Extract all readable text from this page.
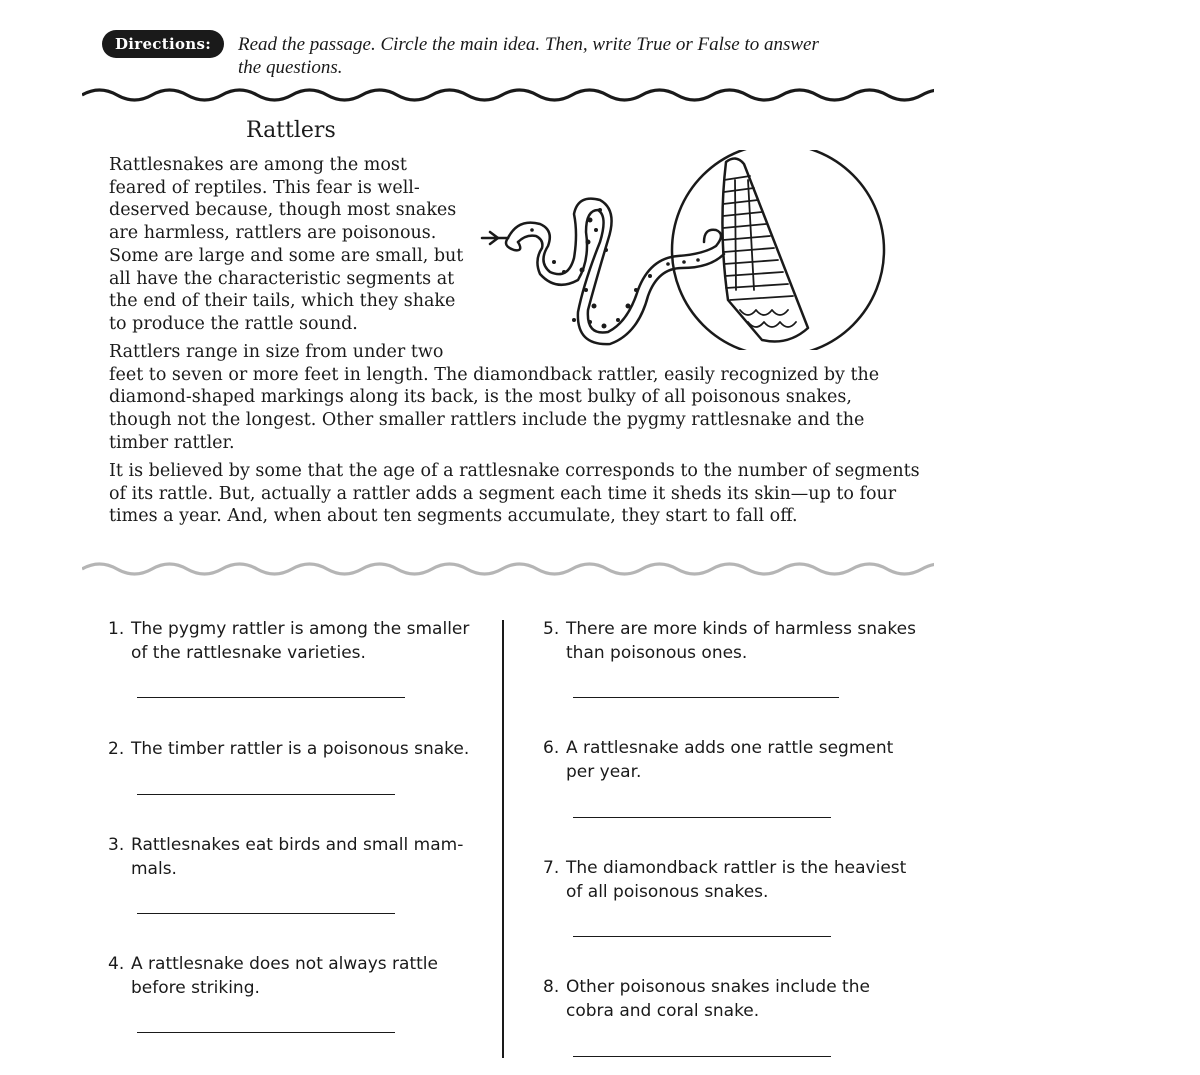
Directions:	Read the passage. Circle the main idea. Then, write True or False to answer
the questions.
Rattlers
Rattlesnakes are among the most
feared of reptiles. This fear is well-
deserved because, though most snakes
are harmless, rattlers are poisonous.
Some are large and some are small, but
all have the characteristic segments at
the end of their tails, which they shake
to produce the rattle sound.
Rattlers range in size from under two
feet to seven or more feet in length. The diamondback rattler, easily recognized by the
diamond-shaped markings along its back, is the most bulky of all poisonous snakes,
though not the longest. Other smaller rattlers include the pygmy rattlesnake and the
timber rattler.
It is believed by some that the age of a rattlesnake corresponds to the number of segments
of its rattle. But, actually a rattler adds a segment each time it sheds its skin—up to four
times a year. And, when about ten segments accumulate, they start to fall off.
1. The pygmy rattler is among the smaller
of the rattlesnake varieties.
2. The timber rattler is a poisonous snake.
3. Rattlesnakes eat birds and small mam-
mals.
4. A rattlesnake does not always rattle
before striking.
5. There are more kinds of harmless snakes
than poisonous ones.
6. A rattlesnake adds one rattle segment
per year.
7. The diamondback rattler is the heaviest
of all poisonous snakes.
8. Other poisonous snakes include the
cobra and coral snake.
